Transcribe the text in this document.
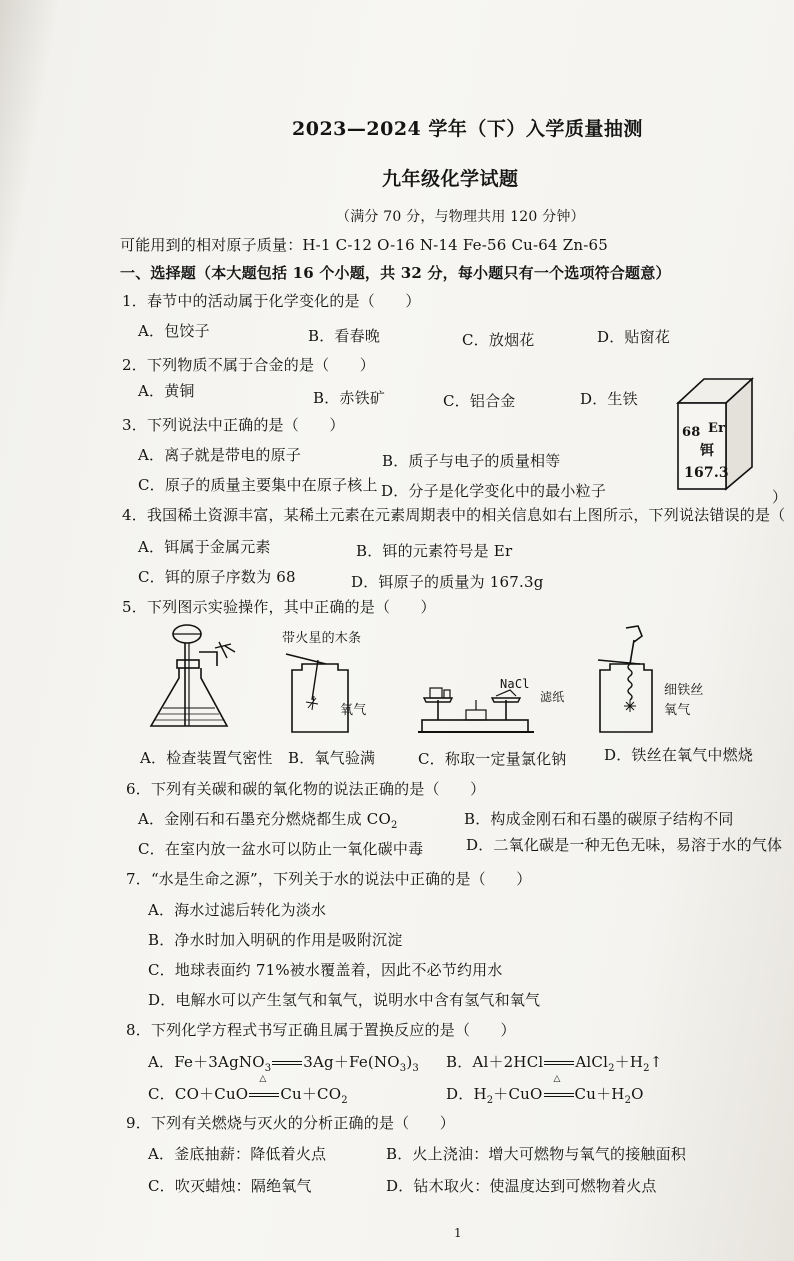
2023—2024 学年（下）入学质量抽测
九年级化学试题
（满分 70 分，与物理共用 120 分钟）
可能用到的相对原子质量：H-1 C-12 O-16 N-14 Fe-56 Cu-64 Zn-65
一、选择题（本大题包括 16 个小题，共 32 分，每小题只有一个选项符合题意）
1．春节中的活动属于化学变化的是（　　）
A．包饺子	B．看春晚	C．放烟花	D．贴窗花
2．下列物质不属于合金的是（　　）
A．黄铜	B．赤铁矿	C．铝合金	D．生铁
68 Er
铒
167.3
3．下列说法中正确的是（　　）
A．离子就是带电的原子	B．质子与电子的质量相等
C．原子的质量主要集中在原子核上 D．分子是化学变化中的最小粒子
4．我国稀土资源丰富，某稀土元素在元素周期表中的相关信息如右上图所示，下列说法错误的是（
）
A．铒属于金属元素	B．铒的元素符号是 Er
C．铒的原子序数为 68	D．铒原子的质量为 167.3g
5．下列图示实验操作，其中正确的是（　　）
带火星的木条
氧气
NaCl
滤纸	细铁丝
氧气
A．检查装置气密性 B．氧气验满	C．称取一定量氯化钠	D．铁丝在氧气中燃烧
6．下列有关碳和碳的氧化物的说法正确的是（　　）
A．金刚石和石墨充分燃烧都生成 $CO_2$	B．构成金刚石和石墨的碳原子结构不同
C．在室内放一盆水可以防止一氧化碳中毒	D．二氧化碳是一种无色无味，易溶于水的气体
7．“水是生命之源”，下列关于水的说法中正确的是（　　）
A．海水过滤后转化为淡水
B．净水时加入明矾的作用是吸附沉淀
C．地球表面约 71%被水覆盖着，因此不必节约用水
D．电解水可以产生氢气和氧气，说明水中含有氢气和氧气
8．下列化学方程式书写正确且属于置换反应的是（　　）
A．Fe＋3AgNO$_3$ $3Ag+Fe(NO_3)_3$ B．Al＋2HCl $AlCl_2+H_2↑$
C．CO＋CuO
△
$Cu+CO_2$	D．$H_2+CuO$
△
$Cu+H_2O$
9．下列有关燃烧与灭火的分析正确的是（　　）
A．釜底抽薪：降低着火点	B．火上浇油：增大可燃物与氧气的接触面积
C．吹灭蜡烛：隔绝氧气	D．钻木取火：使温度达到可燃物着火点
1
